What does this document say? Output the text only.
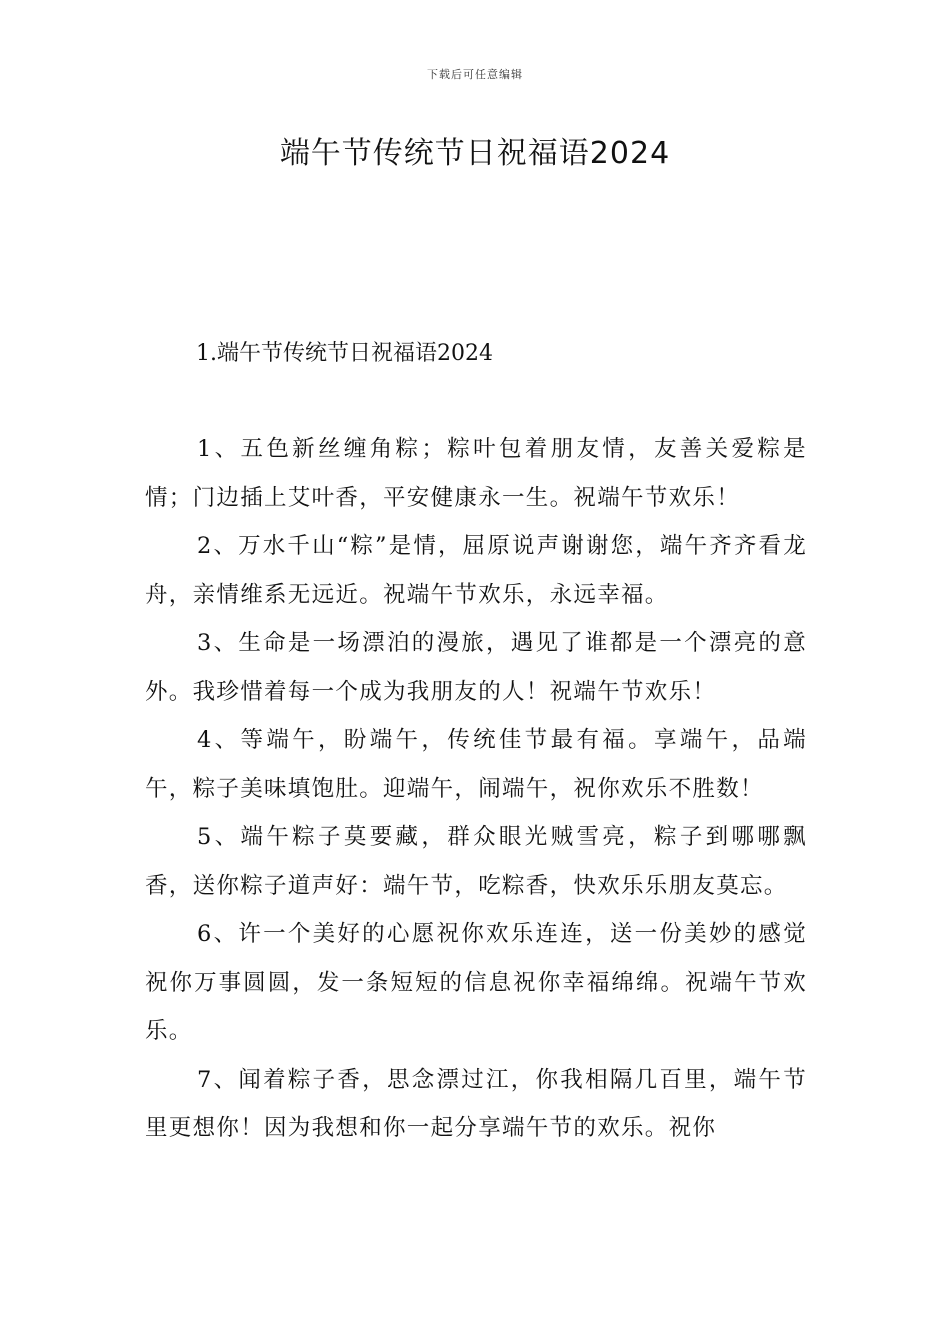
下载后可任意编辑
端午节传统节日祝福语2024
1.端午节传统节日祝福语2024

1、五色新丝缠角粽；粽叶包着朋友情，友善关爱粽是情；门边插上艾叶香，平安健康永一生。祝端午节欢乐！

2、万水千山“粽”是情，屈原说声谢谢您，端午齐齐看龙舟，亲情维系无远近。祝端午节欢乐，永远幸福。

3、生命是一场漂泊的漫旅，遇见了谁都是一个漂亮的意外。我珍惜着每一个成为我朋友的人！祝端午节欢乐！

4、等端午，盼端午，传统佳节最有福。享端午，品端午，粽子美味填饱肚。迎端午，闹端午，祝你欢乐不胜数！

5、端午粽子莫要藏，群众眼光贼雪亮，粽子到哪哪飘香，送你粽子道声好：端午节，吃粽香，快欢乐乐朋友莫忘。

6、许一个美好的心愿祝你欢乐连连，送一份美妙的感觉祝你万事圆圆，发一条短短的信息祝你幸福绵绵。祝端午节欢乐。

7、闻着粽子香，思念漂过江，你我相隔几百里，端午节里更想你！因为我想和你一起分享端午节的欢乐。祝你
